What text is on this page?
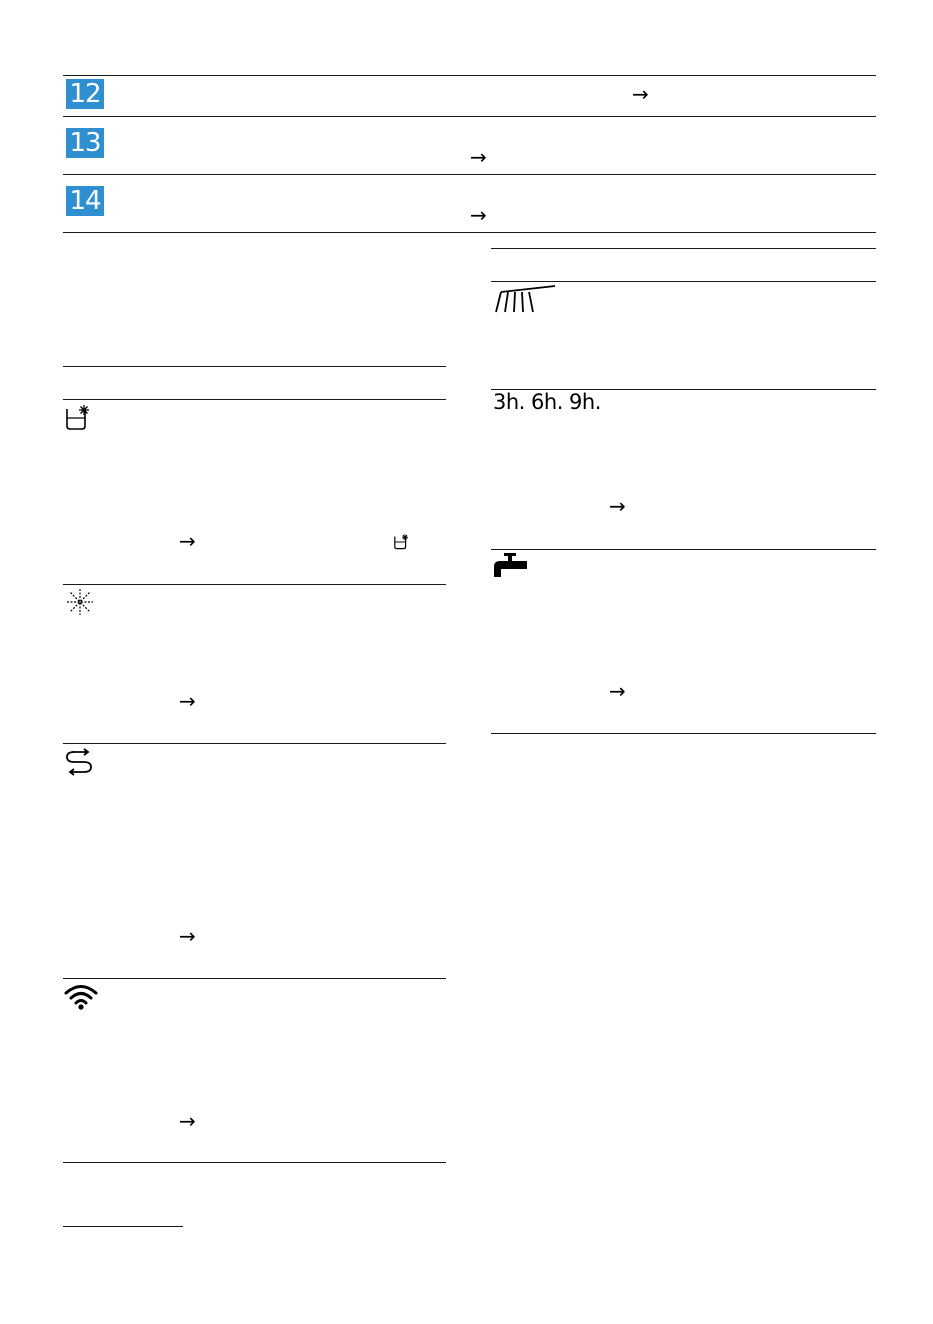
12	→
13	→
14	→
→
→
→
→
3h. 6h. 9h.
→
→
